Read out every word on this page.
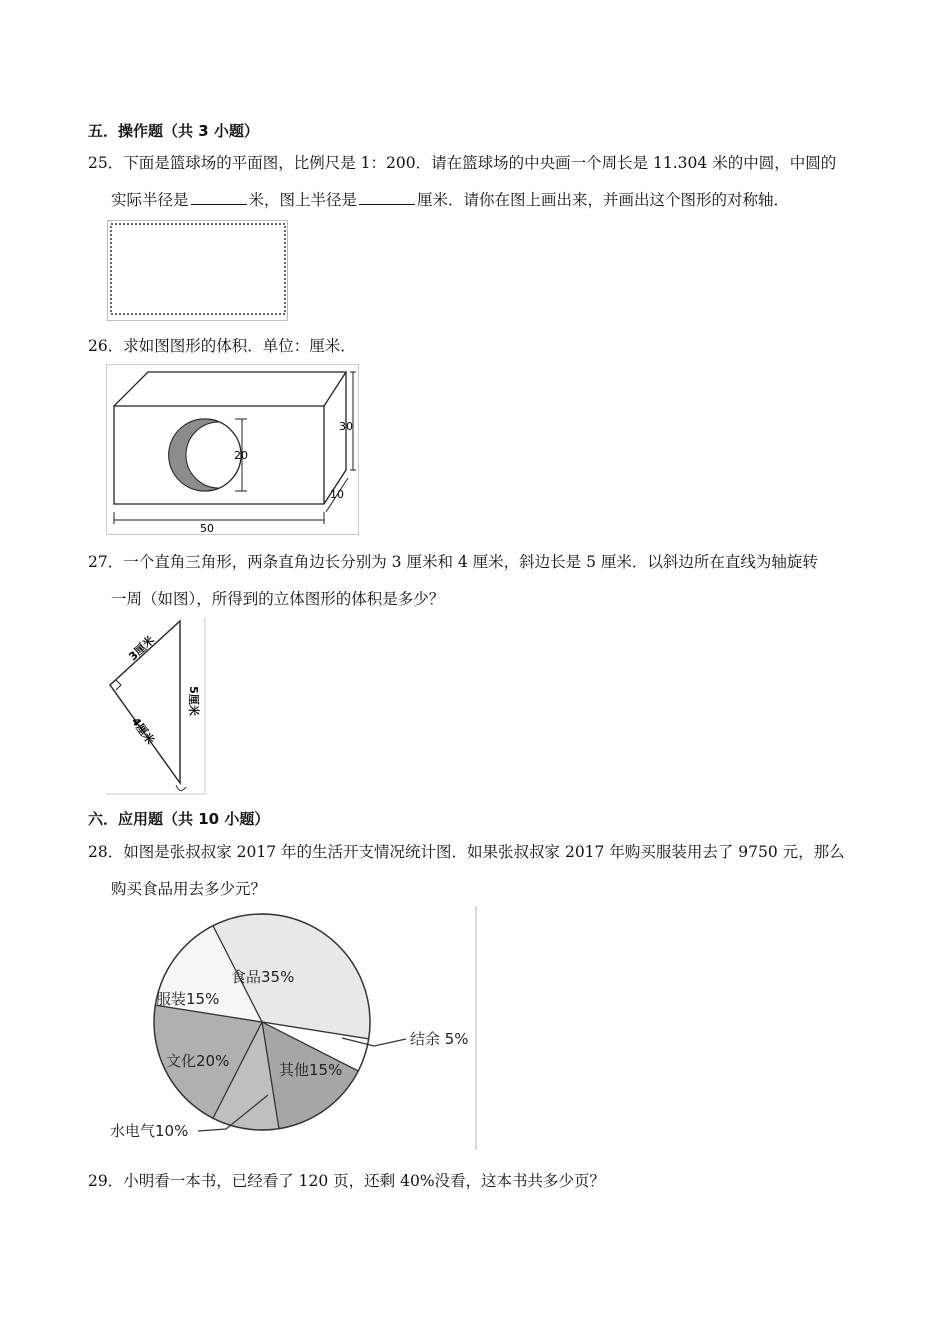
五．操作题（共 3 小题）
25．下面是篮球场的平面图，比例尺是 1：200．请在篮球场的中央画一个周长是 11.304 米的中圆，中圆的
实际半径是	米，图上半径是	厘米．请你在图上画出来，并画出这个图形的对称轴．
26．求如图图形的体积．单位：厘米．
20
30
10
50
27．一个直角三角形，两条直角边长分别为 3 厘米和 4 厘米，斜边长是 5 厘米．以斜边所在直线为轴旋转
一周（如图），所得到的立体图形的体积是多少？
3厘米
4厘米
5厘米
六．应用题（共 10 小题）
28．如图是张叔叔家 2017 年的生活开支情况统计图．如果张叔叔家 2017 年购买服装用去了 9750 元，那么
购买食品用去多少元？
食品35%
结余 5%
其他15%
水电气10%
文化20%
服装15%
29．小明看一本书，已经看了 120 页，还剩 40%没看，这本书共多少页？
